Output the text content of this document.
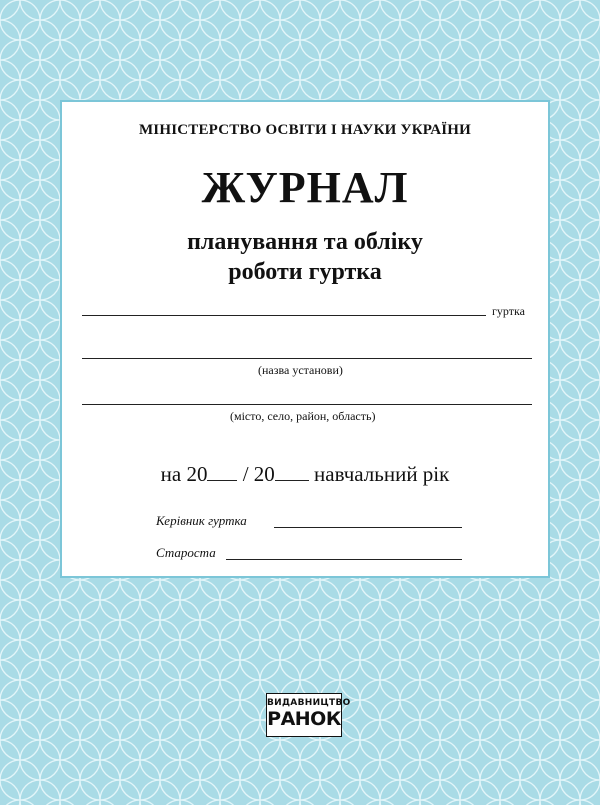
МІНІСТЕРСТВО ОСВІТИ І НАУКИ УКРАЇНИ
ЖУРНАЛ
планування та обліку
роботи гуртка
гуртка
(назва установи)
(місто, село, район, область)
на 20 / 20 навчальний рік
Керівник гуртка
Староста
ВИДАВНИЦТВО
РАНОК
